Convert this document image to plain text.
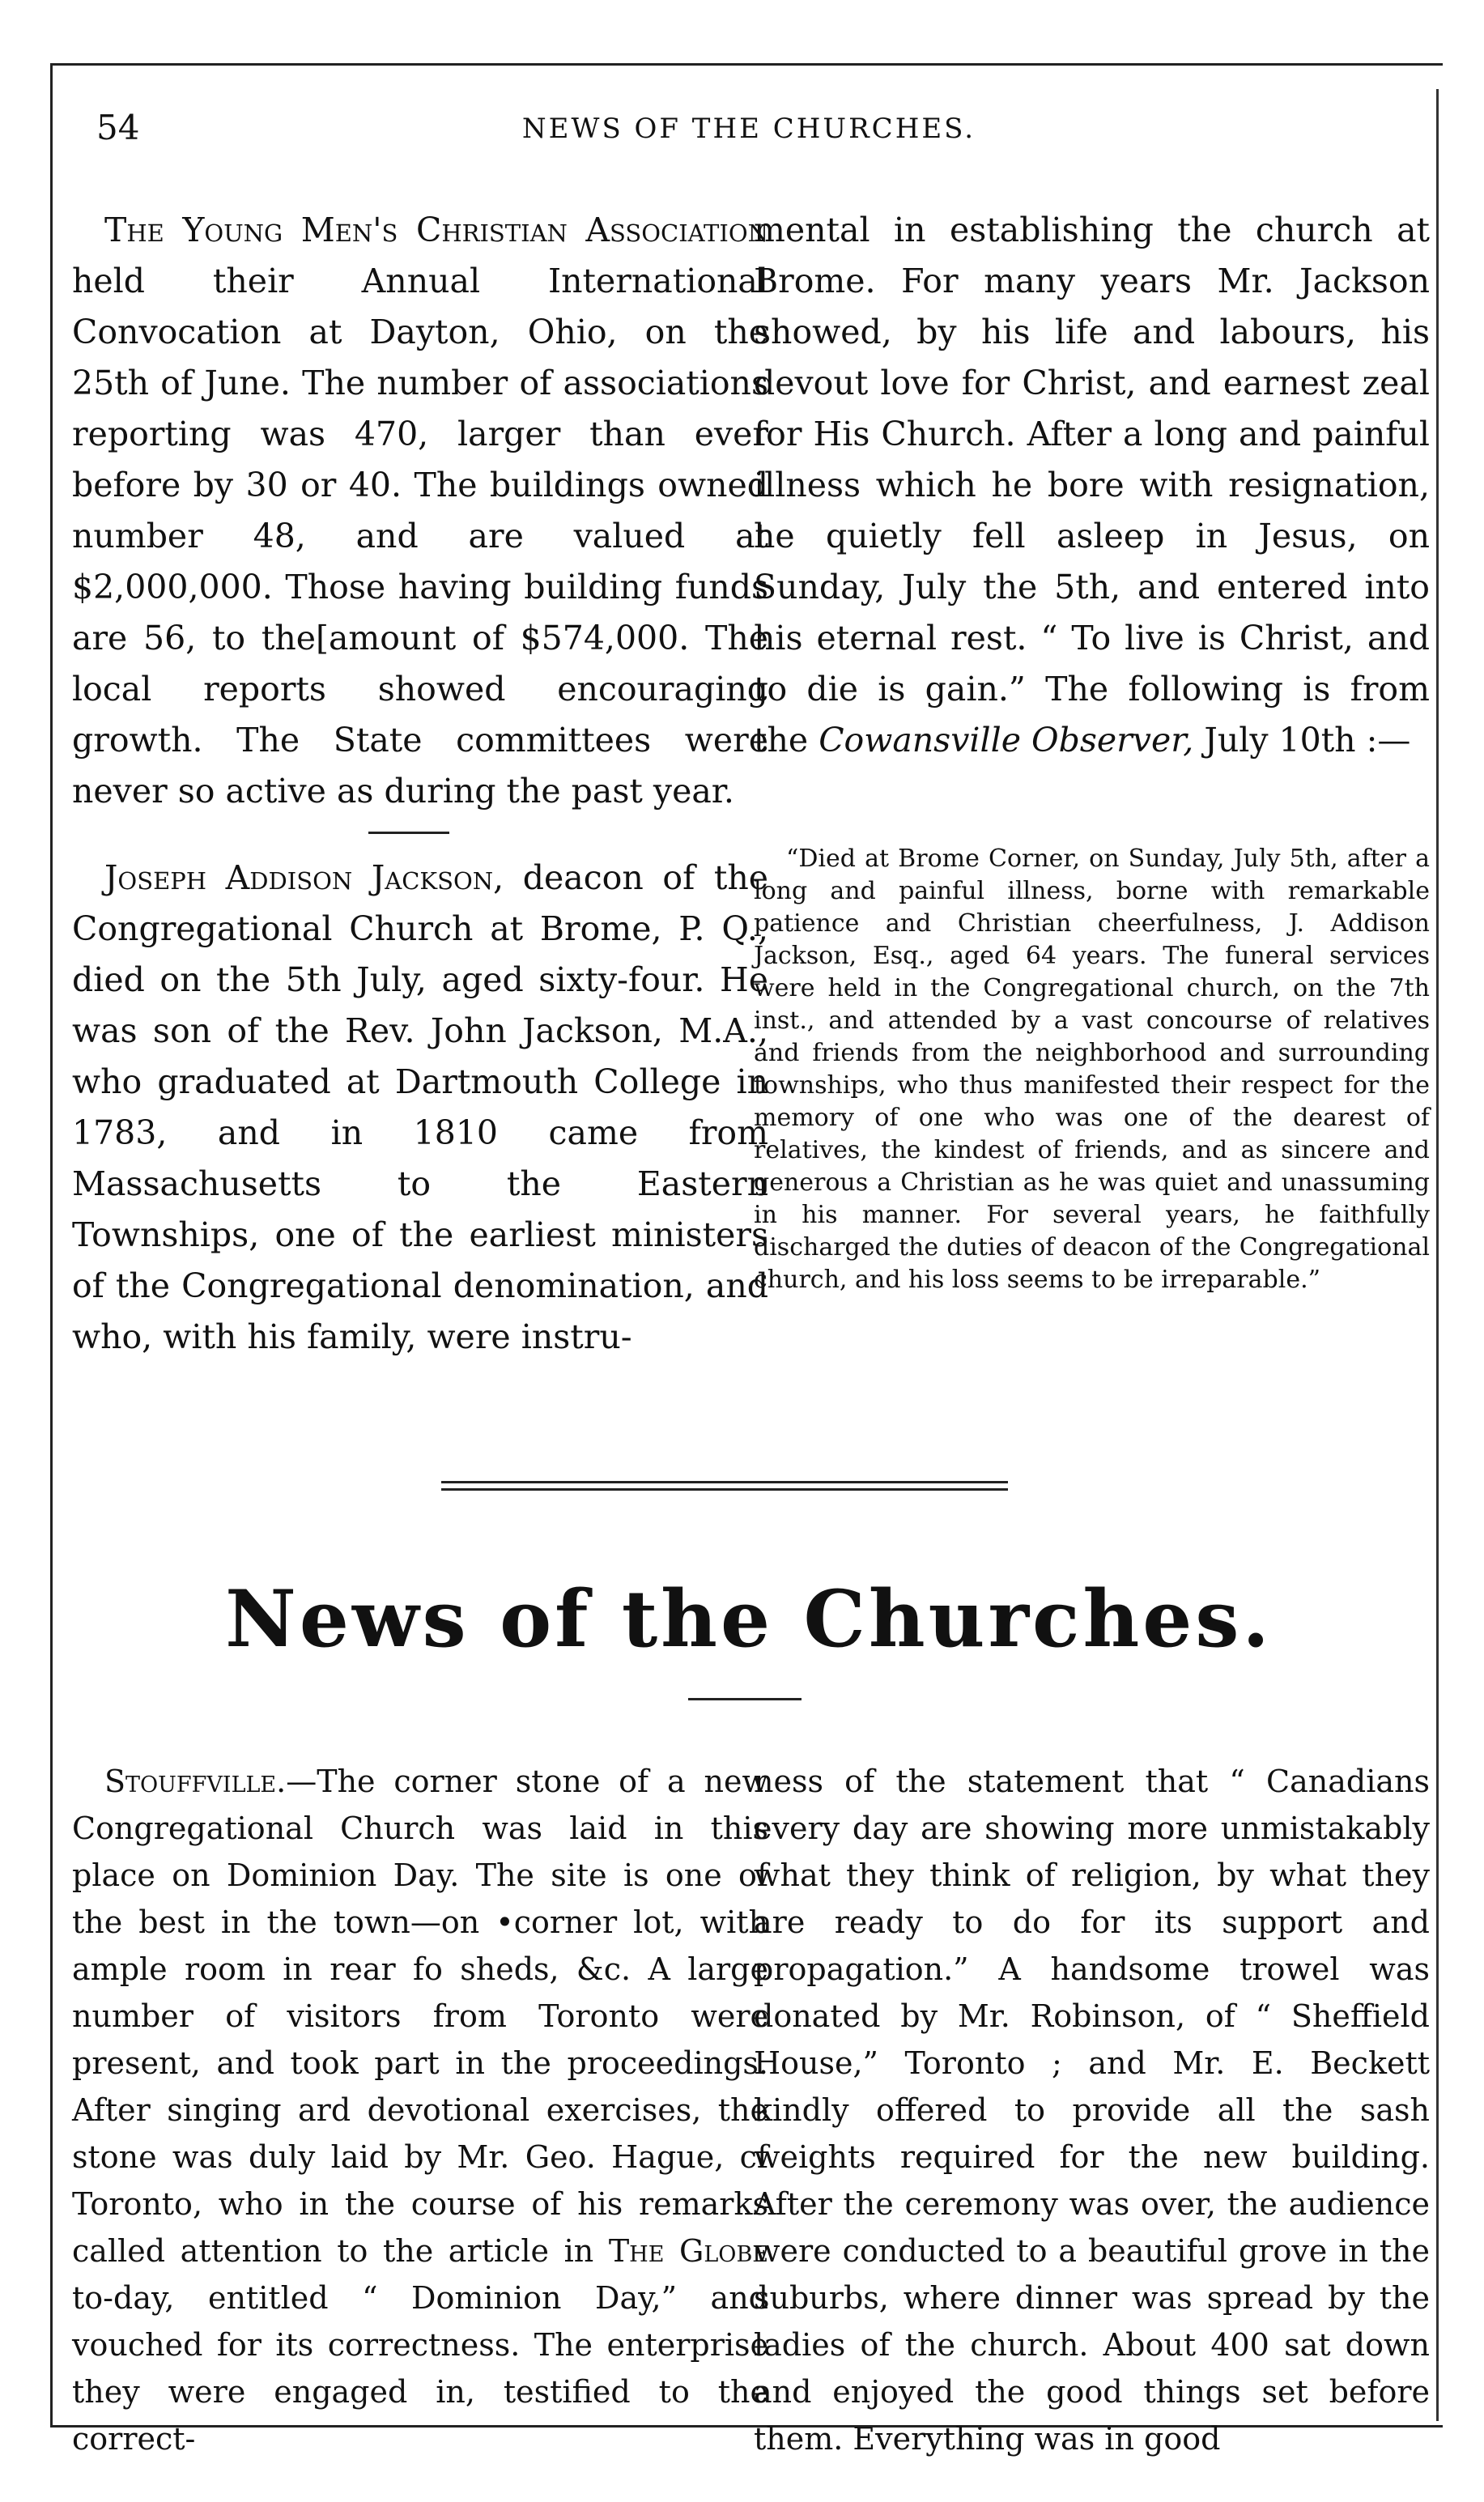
54	NEWS OF THE CHURCHES.

The Young Men's Christian Association held their Annual International Convocation at Dayton, Ohio, on the 25th of June. The number of associations reporting was 470, larger than ever before by 30 or 40. The buildings owned number 48, and are valued at $2,000,000. Those having building funds are 56, to the[amount of $574,000. The local reports showed encouraging growth. The State committees were never so active as during the past year.

Joseph Addison Jackson, deacon of the Congregational Church at Brome, P. Q., died on the 5th July, aged sixty-four. He was son of the Rev. John Jackson, M.A., who graduated at Dartmouth College in 1783, and in 1810 came from Massachusetts to the Eastern Townships, one of the earliest ministers of the Congregational denomination, and who, with his family, were instru-

mental in establishing the church at Brome. For many years Mr. Jackson showed, by his life and labours, his devout love for Christ, and earnest zeal for His Church. After a long and painful illness which he bore with resignation, he quietly fell asleep in Jesus, on Sunday, July the 5th, and entered into his eternal rest. “ To live is Christ, and to die is gain.” The following is from the Cowansville Observer, July 10th :—

“Died at Brome Corner, on Sunday, July 5th, after a long and painful illness, borne with remarkable patience and Christian cheerfulness, J. Addison Jackson, Esq., aged 64 years. The funeral services were held in the Congregational church, on the 7th inst., and attended by a vast concourse of relatives and friends from the neighborhood and surrounding townships, who thus manifested their respect for the memory of one who was one of the dearest of relatives, the kindest of friends, and as sincere and generous a Christian as he was quiet and unassuming in his manner. For several years, he faithfully discharged the duties of deacon of the Congregational church, and his loss seems to be irreparable.”

News of the Churches.

Stouffville.—The corner stone of a new Congregational Church was laid in this place on Dominion Day. The site is one of the best in the town—on •corner lot, with ample room in rear fo sheds, &c. A large number of visitors from Toronto were present, and took part in the proceedings. After singing ard devotional exercises, the stone was duly laid by Mr. Geo. Hague, cf Toronto, who in the course of his remarks called attention to the article in The Globe to-day, entitled “ Dominion Day,” and vouched for its correctness. The enterprise they were engaged in, testified to the correct-

ness of the statement that “ Canadians every day are showing more unmistakably what they think of religion, by what they are ready to do for its support and propagation.” A handsome trowel was donated by Mr. Robinson, of “ Sheffield House,” Toronto ; and Mr. E. Beckett kindly offered to provide all the sash weights required for the new building. After the ceremony was over, the audience were conducted to a beautiful grove in the suburbs, where dinner was spread by the ladies of the church. About 400 sat down and enjoyed the good things set before them. Everything was in good
